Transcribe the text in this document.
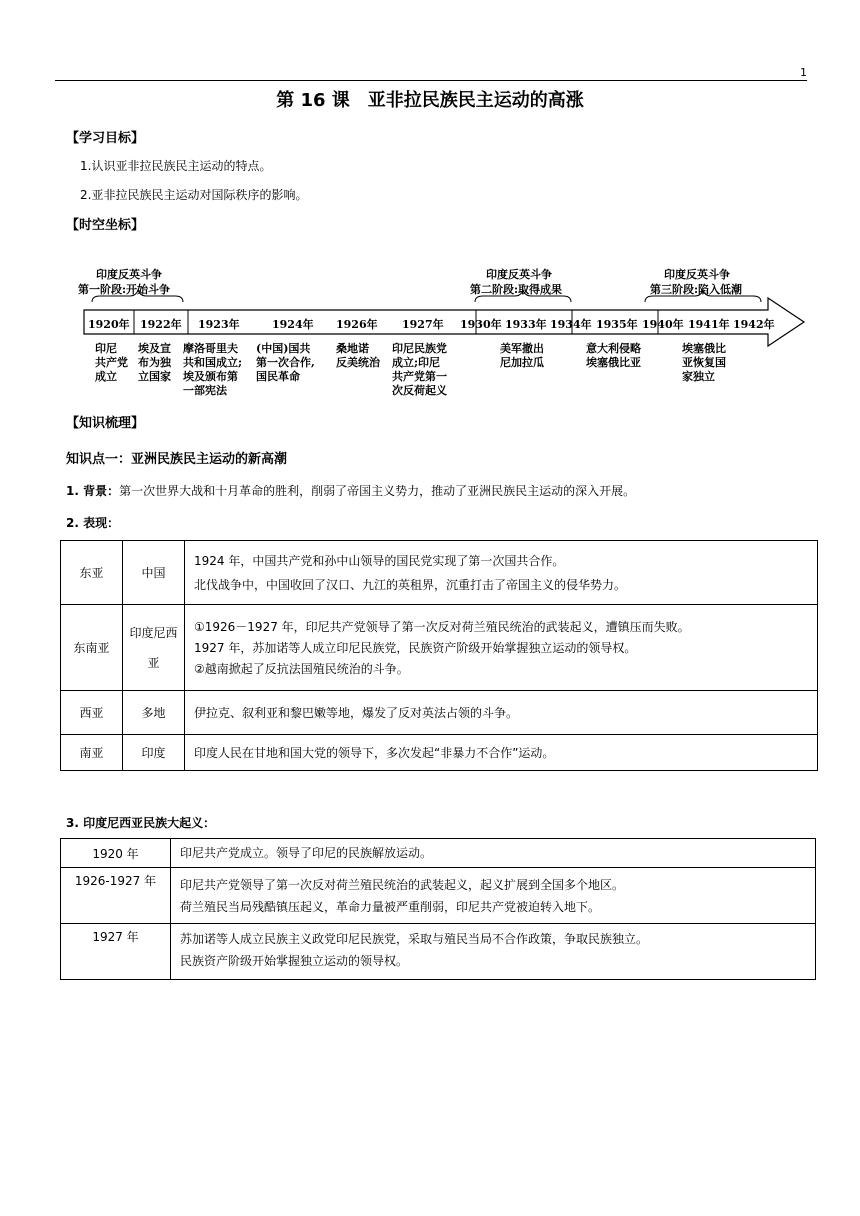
1
第 16 课　亚非拉民族民主运动的高涨
【学习目标】
1.认识亚非拉民族民主运动的特点。
2.亚非拉民族民主运动对国际秩序的影响。
【时空坐标】
印度反英斗争
第一阶段:开始斗争
印度反英斗争
第二阶段:取得成果
印度反英斗争
第三阶段:陷入低潮
1920年 1922年 1923年	1924年 1926年 1927年 1930年 1933年 1934年 1935年 1940年 1941年 1942年
印尼
共产党
成立
埃及宣
布为独
立国家
摩洛哥里夫
共和国成立;
埃及颁布第
一部宪法
(中国)国共
第一次合作,
国民革命
桑地诺
反美统治
印尼民族党
成立;印尼
共产党第一
次反荷起义
美军撤出
尼加拉瓜
意大利侵略
埃塞俄比亚
埃塞俄比
亚恢复国
家独立
【知识梳理】
知识点一：亚洲民族民主运动的新高潮
1. 背景：第一次世界大战和十月革命的胜利，削弱了帝国主义势力，推动了亚洲民族民主运动的深入开展。
2. 表现：
东亚	中国	1924 年，中国共产党和孙中山领导的国民党实现了第一次国共合作。
北伐战争中，中国收回了汉口、九江的英租界，沉重打击了帝国主义的侵华势力。

东南亚	印度尼西亚	①1926－1927 年，印尼共产党领导了第一次反对荷兰殖民统治的武装起义，遭镇压而失败。
1927 年，苏加诺等人成立印尼民族党，民族资产阶级开始掌握独立运动的领导权。
②越南掀起了反抗法国殖民统治的斗争。

西亚	多地	伊拉克、叙利亚和黎巴嫩等地，爆发了反对英法占领的斗争。

南亚	印度	印度人民在甘地和国大党的领导下，多次发起“非暴力不合作”运动。
3. 印度尼西亚民族大起义：
1920 年	印尼共产党成立。领导了印尼的民族解放运动。

1926-1927 年	印尼共产党领导了第一次反对荷兰殖民统治的武装起义，起义扩展到全国多个地区。
荷兰殖民当局残酷镇压起义，革命力量被严重削弱，印尼共产党被迫转入地下。

1927 年	苏加诺等人成立民族主义政党印尼民族党，采取与殖民当局不合作政策，争取民族独立。
民族资产阶级开始掌握独立运动的领导权。
